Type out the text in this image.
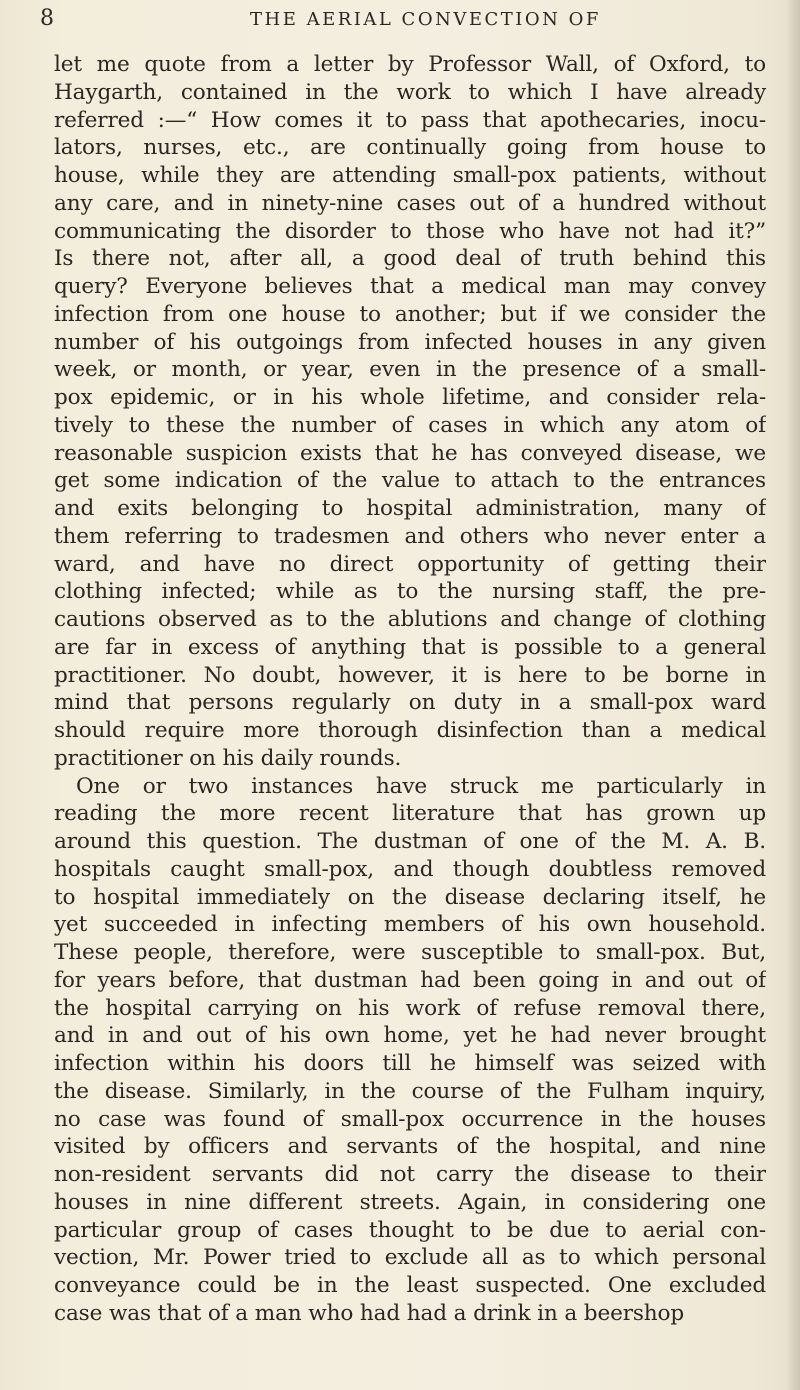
8	THE AERIAL CONVECTION OF
let me quote from a letter by Professor Wall, of Oxford, to
Haygarth, contained in the work to which I have already
referred :—“ How comes it to pass that apothecaries, inocu-
lators, nurses, etc., are continually going from house to
house, while they are attending small-pox patients, without
any care, and in ninety-nine cases out of a hundred without
communicating the disorder to those who have not had it?”
Is there not, after all, a good deal of truth behind this
query? Everyone believes that a medical man may convey
infection from one house to another; but if we consider the
number of his outgoings from infected houses in any given
week, or month, or year, even in the presence of a small-
pox epidemic, or in his whole lifetime, and consider rela-
tively to these the number of cases in which any atom of
reasonable suspicion exists that he has conveyed disease, we
get some indication of the value to attach to the entrances
and exits belonging to hospital administration, many of
them referring to tradesmen and others who never enter a
ward, and have no direct opportunity of getting their
clothing infected; while as to the nursing staff, the pre-
cautions observed as to the ablutions and change of clothing
are far in excess of anything that is possible to a general
practitioner. No doubt, however, it is here to be borne in
mind that persons regularly on duty in a small-pox ward
should require more thorough disinfection than a medical
practitioner on his daily rounds.
One or two instances have struck me particularly in
reading the more recent literature that has grown up
around this question. The dustman of one of the M. A. B.
hospitals caught small-pox, and though doubtless removed
to hospital immediately on the disease declaring itself, he
yet succeeded in infecting members of his own household.
These people, therefore, were susceptible to small-pox. But,
for years before, that dustman had been going in and out of
the hospital carrying on his work of refuse removal there,
and in and out of his own home, yet he had never brought
infection within his doors till he himself was seized with
the disease. Similarly, in the course of the Fulham inquiry,
no case was found of small-pox occurrence in the houses
visited by officers and servants of the hospital, and nine
non-resident servants did not carry the disease to their
houses in nine different streets. Again, in considering one
particular group of cases thought to be due to aerial con-
vection, Mr. Power tried to exclude all as to which personal
conveyance could be in the least suspected. One excluded
case was that of a man who had had a drink in a beershop
